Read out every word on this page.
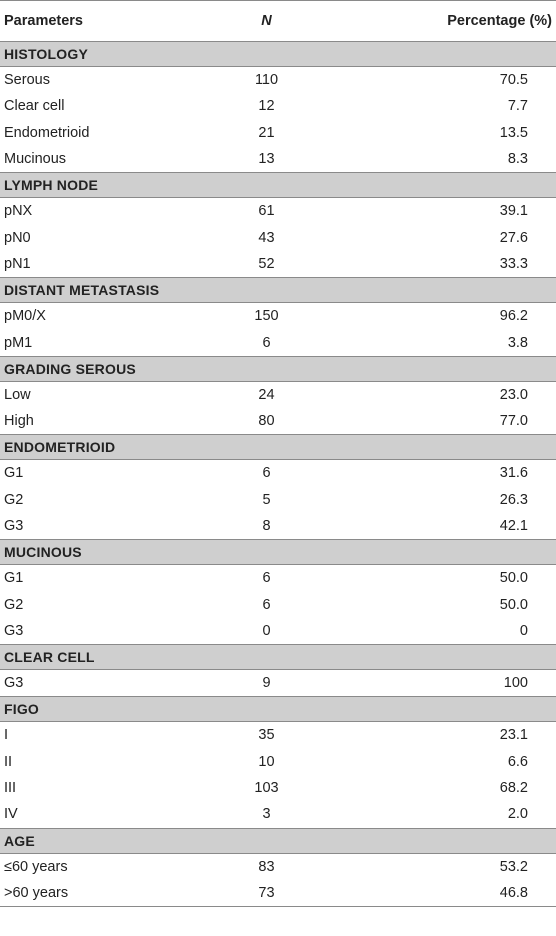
Parameters	N	Percentage (%)
HISTOLOGY		
Serous	110	70.5
Clear cell	12	7.7
Endometrioid	21	13.5
Mucinous	13	8.3
LYMPH NODE		
pNX	61	39.1
pN0	43	27.6
pN1	52	33.3
DISTANT METASTASIS		
pM0/X	150	96.2
pM1	6	3.8
GRADING SEROUS		
Low	24	23.0
High	80	77.0
ENDOMETRIOID		
G1	6	31.6
G2	5	26.3
G3	8	42.1
MUCINOUS		
G1	6	50.0
G2	6	50.0
G3	0	0
CLEAR CELL		
G3	9	100
FIGO		
I	35	23.1
II	10	6.6
III	103	68.2
IV	3	2.0
AGE		
≤60 years	83	53.2
>60 years	73	46.8
